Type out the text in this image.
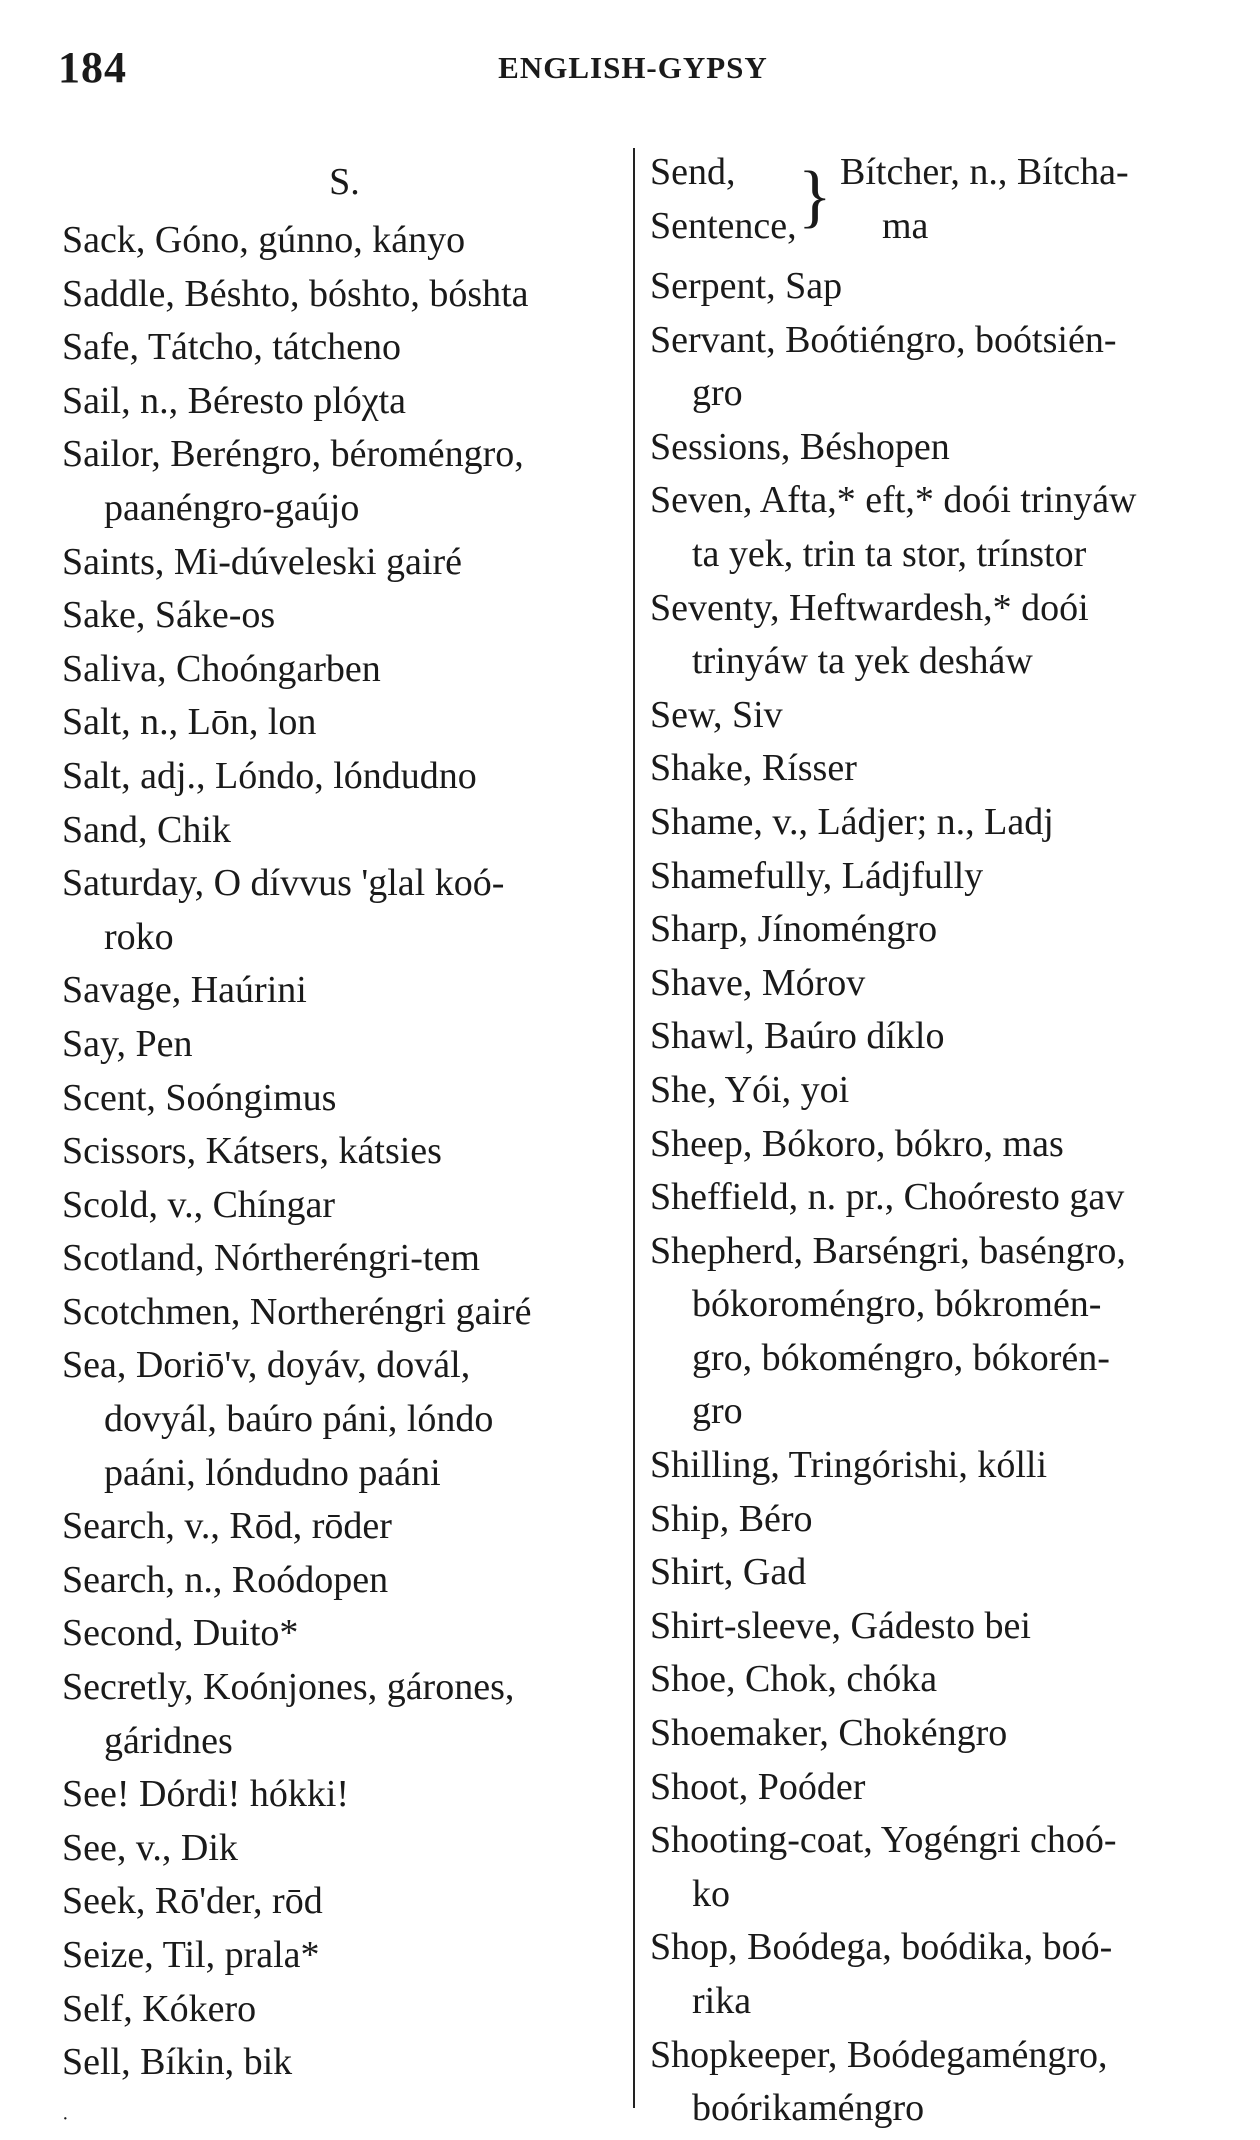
184	ENGLISH-GYPSY
S.
Sack, Góno, gúnno, kányo
Saddle, Béshto, bóshto, bóshta
Safe, Tátcho, tátcheno
Sail, n., Béresto plóχta
Sailor, Beréngro, béroméngro,
paanéngro-gaújo
Saints, Mi-dúveleski gairé
Sake, Sáke-os
Saliva, Choóngarben
Salt, n., Lōn, lon
Salt, adj., Lóndo, lóndudno
Sand, Chik
Saturday, O dívvus 'glal koó-
roko
Savage, Haúrini
Say, Pen
Scent, Soóngimus
Scissors, Kátsers, kátsies
Scold, v., Chíngar
Scotland, Nórtheréngri-tem
Scotchmen, Northeréngri gairé
Sea, Doriō'v, doyáv, dovál,
dovyál, baúro páni, lóndo
paáni, lóndudno paáni
Search, v., Rōd, rōder
Search, n., Roódopen
Second, Duito*
Secretly, Koónjones, gárones,
gáridnes
See! Dórdi! hókki!
See, v., Dik
Seek, Rō'der, rōd
Seize, Til, prala*
Self, Kókero
Sell, Bíkin, bik
Send,
Sentence, } Bítcher, n., Bítcha-
ma
Serpent, Sap
Servant, Boótiéngro, boótsién-
gro
Sessions, Béshopen
Seven, Afta,* eft,* doói trinyáw
ta yek, trin ta stor, trínstor
Seventy, Heftwardesh,* doói
trinyáw ta yek desháw
Sew, Siv
Shake, Rísser
Shame, v., Ládjer; n., Ladj
Shamefully, Ládjfully
Sharp, Jínoméngro
Shave, Mórov
Shawl, Baúro díklo
She, Yói, yoi
Sheep, Bókoro, bókro, mas
Sheffield, n. pr., Choóresto gav
Shepherd, Barséngri, baséngro,
bókoroméngro, bókromén-
gro, bókoméngro, bókorén-
gro
Shilling, Tringórishi, kólli
Ship, Béro
Shirt, Gad
Shirt-sleeve, Gádesto bei
Shoe, Chok, chóka
Shoemaker, Chokéngro
Shoot, Poóder
Shooting-coat, Yogéngri choó-
ko
Shop, Boódega, boódika, boó-
rika
Shopkeeper, Boódegaméngro,
boórikaméngro
·
